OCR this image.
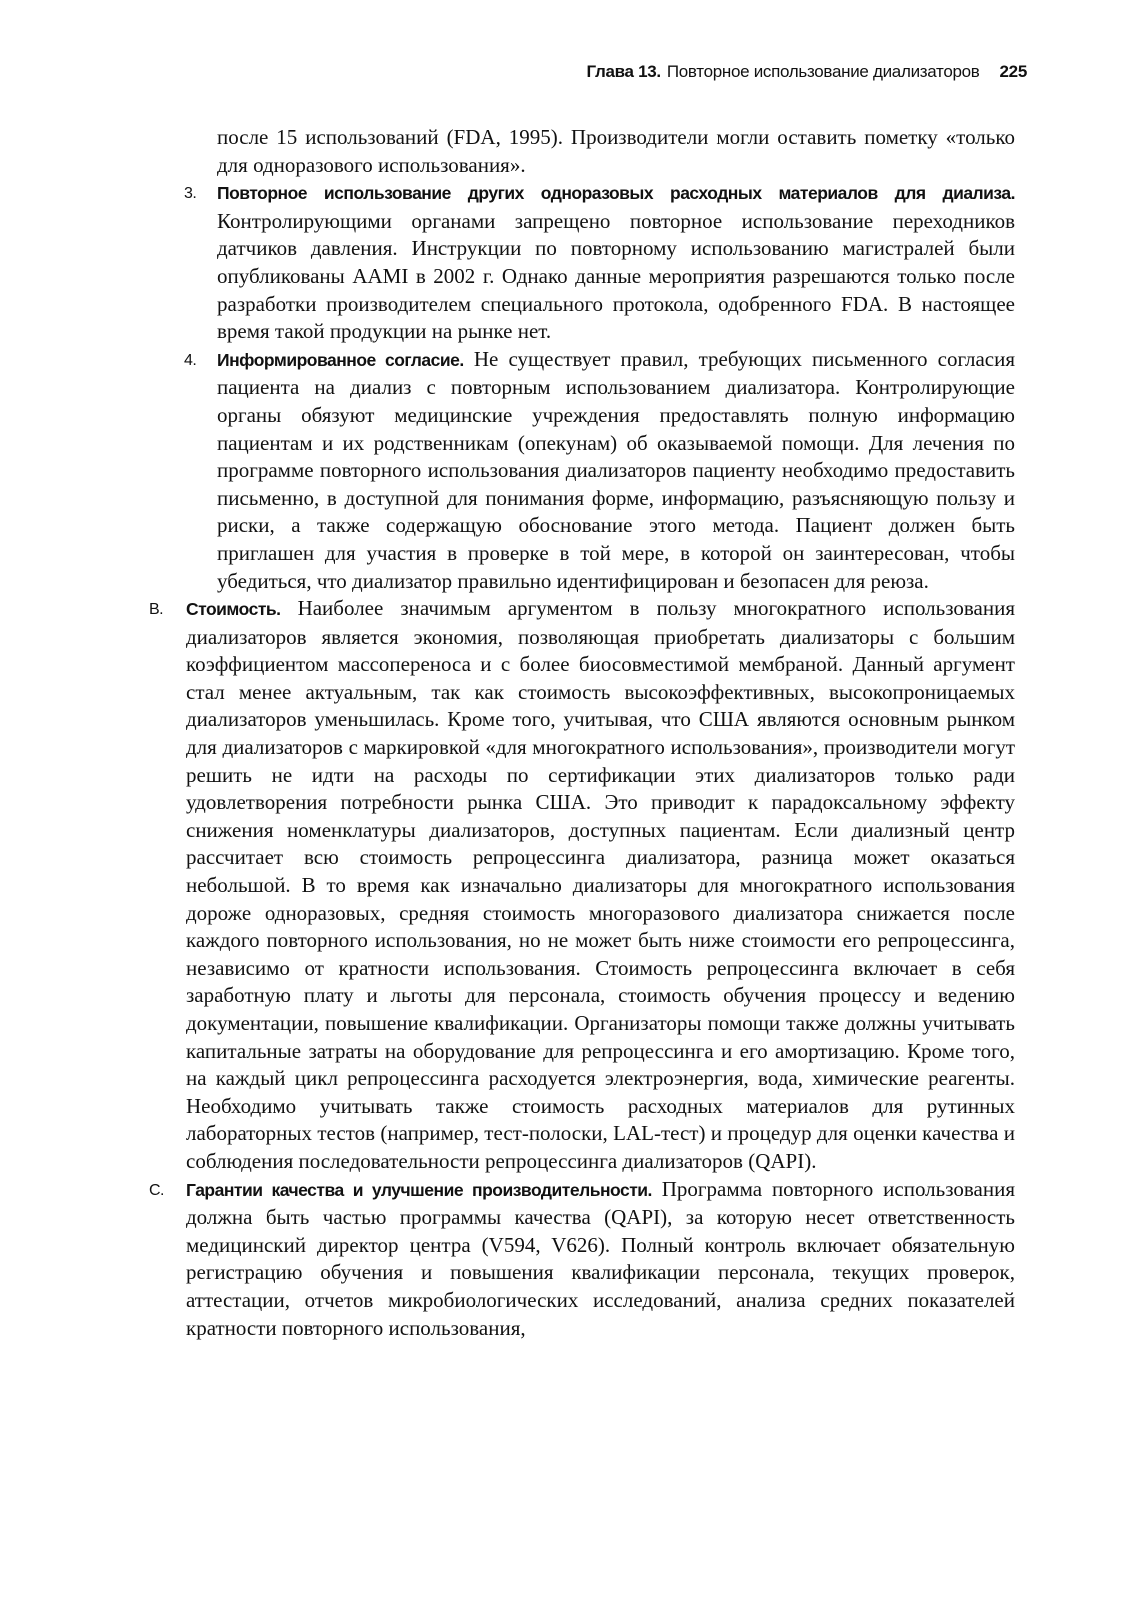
Глава 13. Повторное использование диализаторов 225

после 15 использований (FDA, 1995). Производители могли оставить пометку «только для одноразового использования».

3. Повторное использование других одноразовых расходных материалов для диализа. Контролирующими органами запрещено повторное использование переходников датчиков давления. Инструкции по повторному использованию магистралей были опубликованы AAMI в 2002 г. Однако данные мероприятия разрешаются только после разработки производителем специального протокола, одобренного FDA. В настоящее время такой продукции на рынке нет.

4. Информированное согласие. Не существует правил, требующих письменного согласия пациента на диализ с повторным использованием диализатора. Контролирующие органы обязуют медицинские учреждения предоставлять полную информацию пациентам и их родственникам (опекунам) об оказываемой помощи. Для лечения по программе повторного использования диализаторов пациенту необходимо предоставить письменно, в доступной для понимания форме, информацию, разъясняющую пользу и риски, а также содержащую обоснование этого метода. Пациент должен быть приглашен для участия в проверке в той мере, в которой он заинтересован, чтобы убедиться, что диализатор правильно идентифицирован и безопасен для реюза.

B. Стоимость. Наиболее значимым аргументом в пользу многократного использования диализаторов является экономия, позволяющая приобретать диализаторы с большим коэффициентом массопереноса и с более биосовместимой мембраной. Данный аргумент стал менее актуальным, так как стоимость высокоэффективных, высокопроницаемых диализаторов уменьшилась. Кроме того, учитывая, что США являются основным рынком для диализаторов с маркировкой «для многократного использования», производители могут решить не идти на расходы по сертификации этих диализаторов только ради удовлетворения потребности рынка США. Это приводит к парадоксальному эффекту снижения номенклатуры диализаторов, доступных пациентам. Если диализный центр рассчитает всю стоимость репроцессинга диализатора, разница может оказаться небольшой. В то время как изначально диализаторы для многократного использования дороже одноразовых, средняя стоимость многоразового диализатора снижается после каждого повторного использования, но не может быть ниже стоимости его репроцессинга, независимо от кратности использования. Стоимость репроцессинга включает в себя заработную плату и льготы для персонала, стоимость обучения процессу и ведению документации, повышение квалификации. Организаторы помощи также должны учитывать капитальные затраты на оборудование для репроцессинга и его амортизацию. Кроме того, на каждый цикл репроцессинга расходуется электроэнергия, вода, химические реагенты. Необходимо учитывать также стоимость расходных материалов для рутинных лабораторных тестов (например, тест-полоски, LAL-тест) и процедур для оценки качества и соблюдения последовательности репроцессинга диализаторов (QAPI).

C. Гарантии качества и улучшение производительности. Программа повторного использования должна быть частью программы качества (QAPI), за которую несет ответственность медицинский директор центра (V594, V626). Полный контроль включает обязательную регистрацию обучения и повышения квалификации персонала, текущих проверок, аттестации, отчетов микробиологических исследований, анализа средних показателей кратности повторного использования,
